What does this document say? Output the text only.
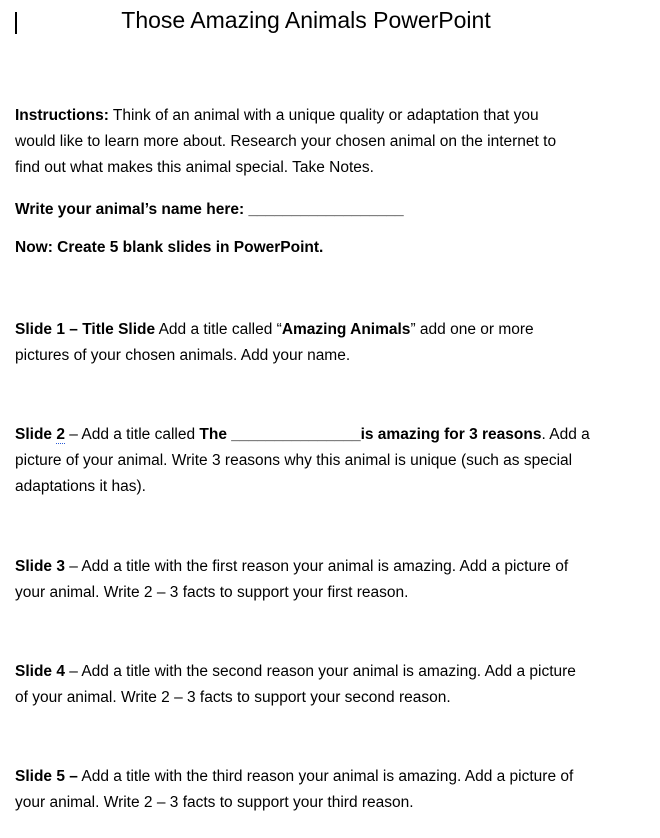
Those Amazing Animals PowerPoint

Instructions: Think of an animal with a unique quality or adaptation that you
would like to learn more about. Research your chosen animal on the internet to
find out what makes this animal special. Take Notes.

Write your animal’s name here: __________________

Now: Create 5 blank slides in PowerPoint.

Slide 1 – Title Slide Add a title called “Amazing Animals” add one or more
pictures of your chosen animals. Add your name.

Slide 2 – Add a title called The _______________is amazing for 3 reasons. Add a
picture of your animal. Write 3 reasons why this animal is unique (such as special
adaptations it has).

Slide 3 – Add a title with the first reason your animal is amazing. Add a picture of
your animal. Write 2 – 3 facts to support your first reason.

Slide 4 – Add a title with the second reason your animal is amazing. Add a picture
of your animal. Write 2 – 3 facts to support your second reason.

Slide 5 – Add a title with the third reason your animal is amazing. Add a picture of
your animal. Write 2 – 3 facts to support your third reason.
